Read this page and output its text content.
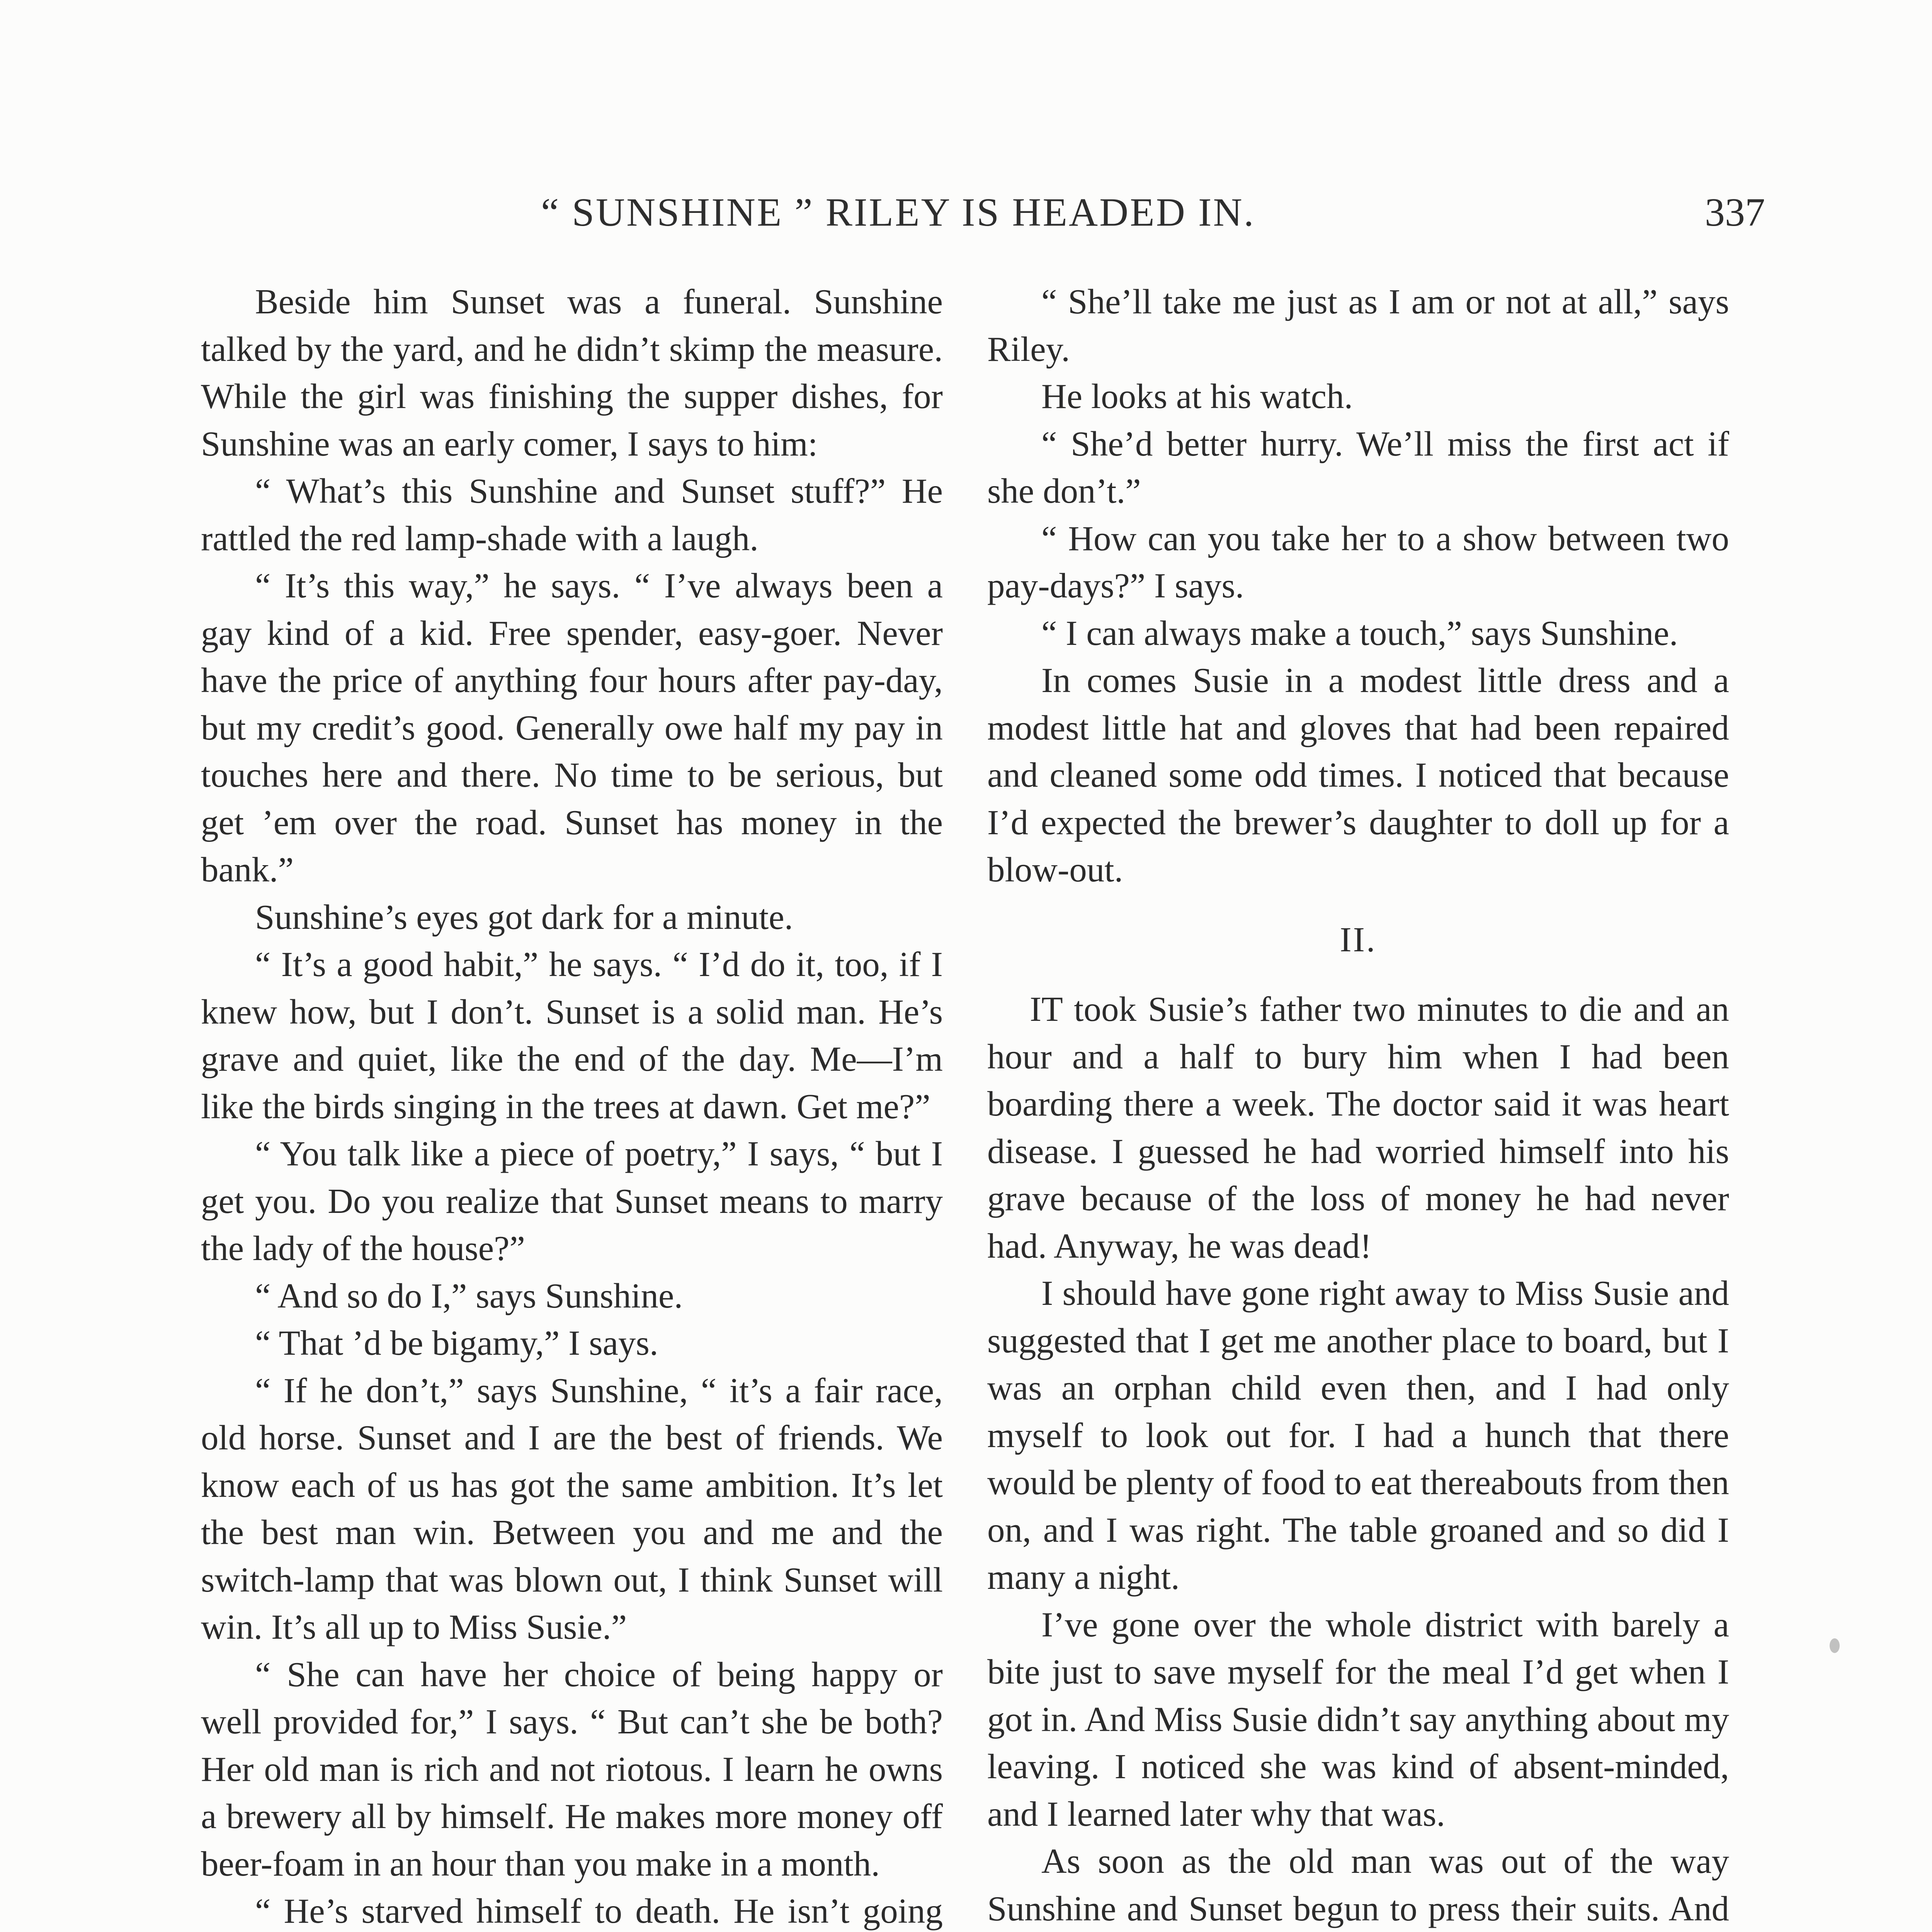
“ SUNSHINE ” RILEY IS HEADED IN.	337

Beside him Sunset was a funeral. Sunshine talked by the yard, and he didn’t skimp the measure. While the girl was finishing the supper dishes, for Sunshine was an early comer, I says to him:

“ What’s this Sunshine and Sunset stuff?” He rattled the red lamp-shade with a laugh.

“ It’s this way,” he says. “ I’ve always been a gay kind of a kid. Free spender, easy-goer. Never have the price of anything four hours after pay-day, but my credit’s good. Generally owe half my pay in touches here and there. No time to be serious, but get ’em over the road. Sunset has money in the bank.”

Sunshine’s eyes got dark for a minute.

“ It’s a good habit,” he says. “ I’d do it, too, if I knew how, but I don’t. Sunset is a solid man. He’s grave and quiet, like the end of the day. Me—I’m like the birds singing in the trees at dawn. Get me?”

“ You talk like a piece of poetry,” I says, “ but I get you. Do you realize that Sunset means to marry the lady of the house?”

“ And so do I,” says Sunshine.

“ That ’d be bigamy,” I says.

“ If he don’t,” says Sunshine, “ it’s a fair race, old horse. Sunset and I are the best of friends. We know each of us has got the same ambition. It’s let the best man win. Between you and me and the switch-lamp that was blown out, I think Sunset will win. It’s all up to Miss Susie.”

“ She can have her choice of being happy or well provided for,” I says. “ But can’t she be both? Her old man is rich and not riotous. I learn he owns a brewery all by himself. He makes more money off beer-foam in an hour than you make in a month.

“ He’s starved himself to death. He isn’t going

“ She’ll take me just as I am or not at all,” says Riley.

He looks at his watch.

“ She’d better hurry. We’ll miss the first act if she don’t.”

“ How can you take her to a show between two pay-days?” I says.

“ I can always make a touch,” says Sunshine.

In comes Susie in a modest little dress and a modest little hat and gloves that had been repaired and cleaned some odd times. I noticed that because I’d expected the brewer’s daughter to doll up for a blow-out.

II.

IT took Susie’s father two minutes to die and an hour and a half to bury him when I had been boarding there a week. The doctor said it was heart disease. I guessed he had worried himself into his grave because of the loss of money he had never had. Anyway, he was dead!

I should have gone right away to Miss Susie and suggested that I get me another place to board, but I was an orphan child even then, and I had only myself to look out for. I had a hunch that there would be plenty of food to eat thereabouts from then on, and I was right. The table groaned and so did I many a night.

I’ve gone over the whole district with barely a bite just to save myself for the meal I’d get when I got in. And Miss Susie didn’t say anything about my leaving. I noticed she was kind of absent-minded, and I learned later why that was.

As soon as the old man was out of the way Sunshine and Sunset begun to press their suits. And
